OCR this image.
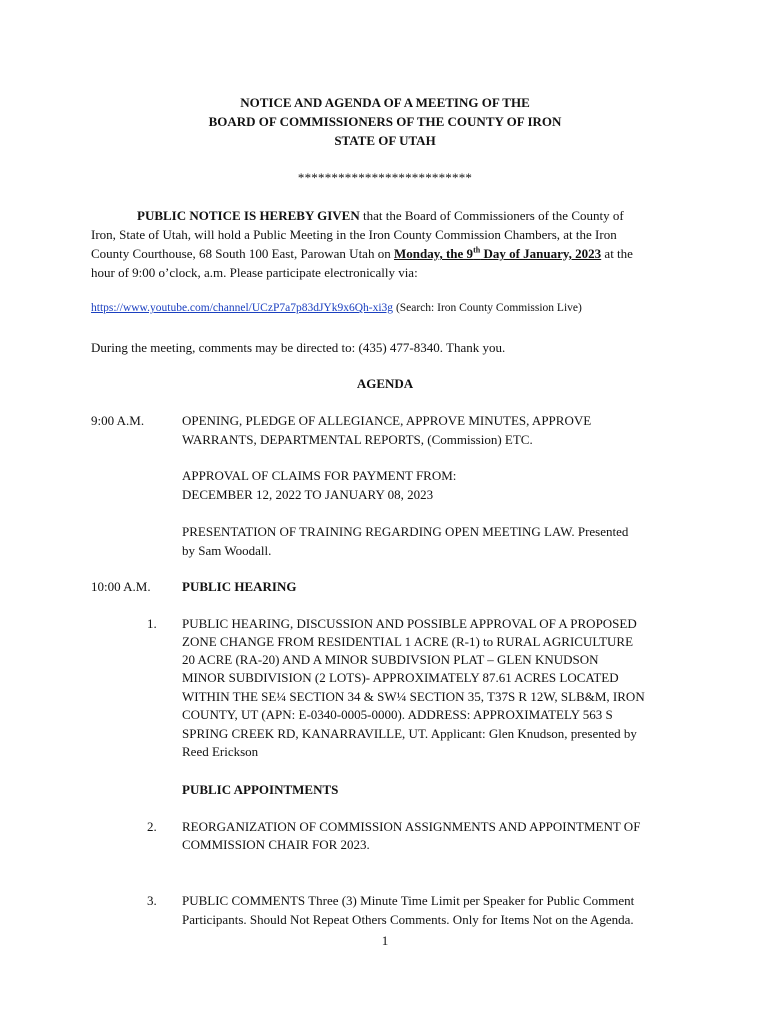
NOTICE AND AGENDA OF A MEETING OF THE
BOARD OF COMMISSIONERS OF THE COUNTY OF IRON
STATE OF UTAH
**************************
PUBLIC NOTICE IS HEREBY GIVEN that the Board of Commissioners of the County of
Iron, State of Utah, will hold a Public Meeting in the Iron County Commission Chambers, at the Iron
County Courthouse, 68 South 100 East, Parowan Utah on Monday, the 9th Day of January, 2023 at the
hour of 9:00 o’clock, a.m. Please participate electronically via:
https://www.youtube.com/channel/UCzP7a7p83dJYk9x6Qh-xi3g (Search: Iron County Commission Live)
During the meeting, comments may be directed to: (435) 477-8340. Thank you.
AGENDA
9:00 A.M.	OPENING, PLEDGE OF ALLEGIANCE, APPROVE MINUTES, APPROVE
WARRANTS, DEPARTMENTAL REPORTS, (Commission) ETC.
APPROVAL OF CLAIMS FOR PAYMENT FROM:
DECEMBER 12, 2022 TO JANUARY 08, 2023
PRESENTATION OF TRAINING REGARDING OPEN MEETING LAW. Presented
by Sam Woodall.
10:00 A.M. PUBLIC HEARING
1. PUBLIC HEARING, DISCUSSION AND POSSIBLE APPROVAL OF A PROPOSED
ZONE CHANGE FROM RESIDENTIAL 1 ACRE (R-1) to RURAL AGRICULTURE
20 ACRE (RA-20) AND A MINOR SUBDIVSION PLAT – GLEN KNUDSON
MINOR SUBDIVISION (2 LOTS)- APPROXIMATELY 87.61 ACRES LOCATED
WITHIN THE SE¼ SECTION 34 & SW¼ SECTION 35, T37S R 12W, SLB&M, IRON
COUNTY, UT (APN: E-0340-0005-0000). ADDRESS: APPROXIMATELY 563 S
SPRING CREEK RD, KANARRAVILLE, UT. Applicant: Glen Knudson, presented by
Reed Erickson
PUBLIC APPOINTMENTS
2. REORGANIZATION OF COMMISSION ASSIGNMENTS AND APPOINTMENT OF
COMMISSION CHAIR FOR 2023.
3. PUBLIC COMMENTS Three (3) Minute Time Limit per Speaker for Public Comment
Participants. Should Not Repeat Others Comments. Only for Items Not on the Agenda.
1
